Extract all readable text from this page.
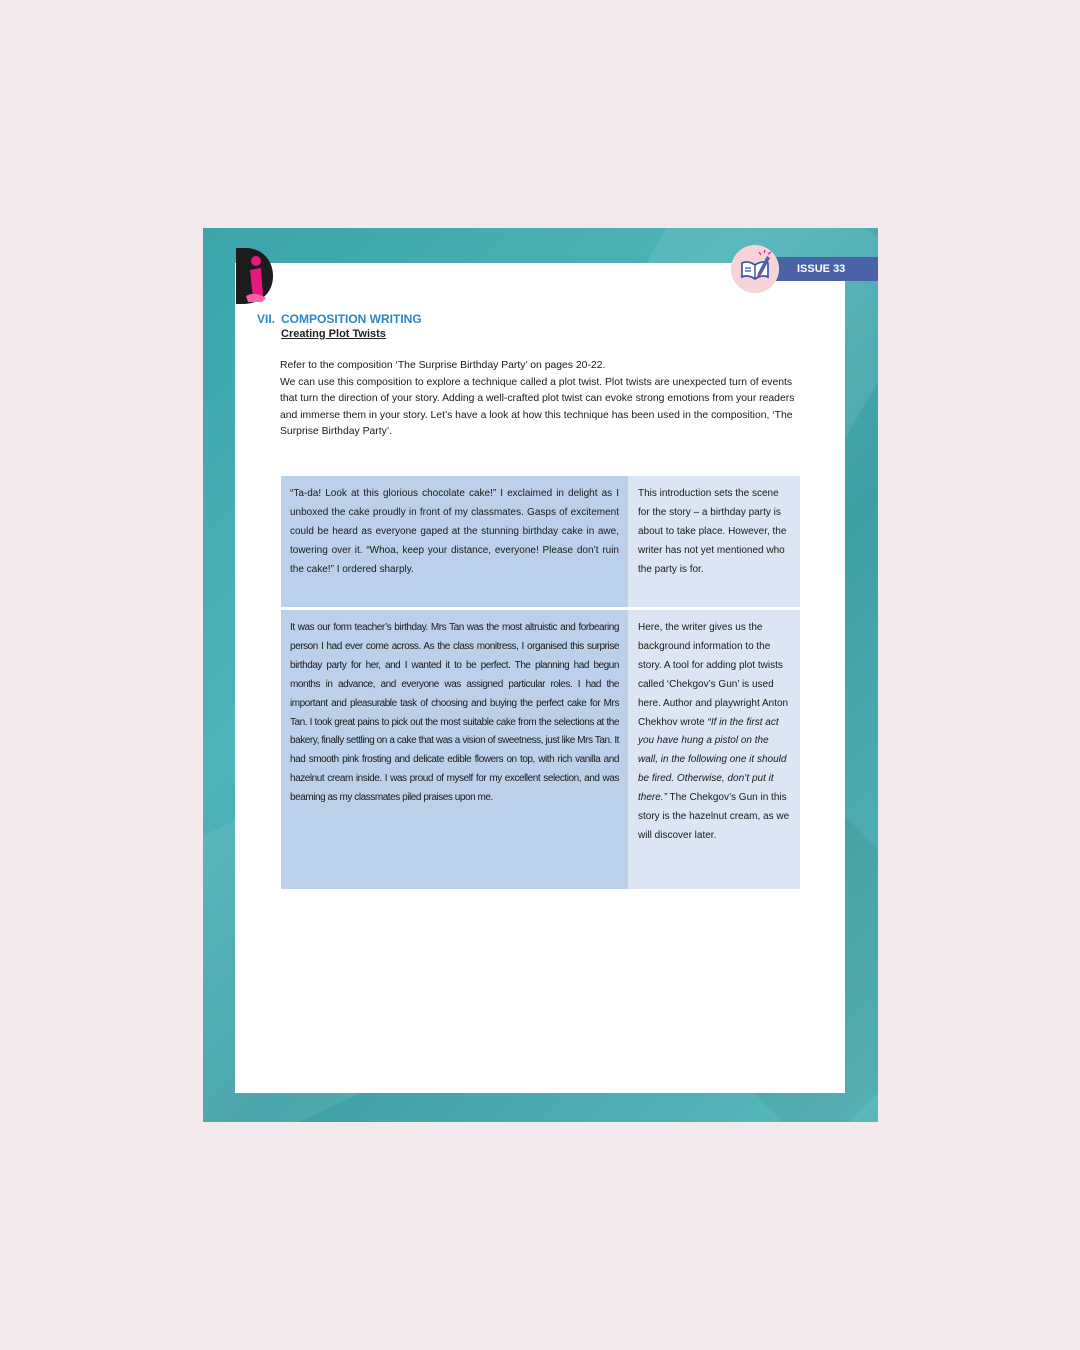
ISSUE 33
VII. COMPOSITION WRITING
Creating Plot Twists

Refer to the composition ‘The Surprise Birthday Party’ on pages 20-22.

We can use this composition to explore a technique called a plot twist. Plot twists are unexpected turn of events that turn the direction of your story. Adding a well-crafted plot twist can evoke strong emotions from your readers and immerse them in your story. Let’s have a look at how this technique has been used in the composition, ‘The Surprise Birthday Party’.

“Ta-da! Look at this glorious chocolate cake!” I exclaimed in delight as I unboxed the cake proudly in front of my classmates. Gasps of excitement could be heard as everyone gaped at the stunning birthday cake in awe, towering over it. “Whoa, keep your distance, everyone! Please don’t ruin the cake!” I ordered sharply.
This introduction sets the scene for the story – a birthday party is about to take place. However, the writer has not yet mentioned who the party is for.
It was our form teacher’s birthday. Mrs Tan was the most altruistic and forbearing person I had ever come across. As the class monitress, I organised this surprise birthday party for her, and I wanted it to be perfect. The planning had begun months in advance, and everyone was assigned particular roles. I had the important and pleasurable task of choosing and buying the perfect cake for Mrs Tan. I took great pains to pick out the most suitable cake from the selections at the bakery, finally settling on a cake that was a vision of sweetness, just like Mrs Tan. It had smooth pink frosting and delicate edible flowers on top, with rich vanilla and hazelnut cream inside. I was proud of myself for my excellent selection, and was beaming as my classmates piled praises upon me.
Here, the writer gives us the background information to the story. A tool for adding plot twists called ‘Chekgov’s Gun’ is used here. Author and playwright Anton Chekhov wrote “If in the first act you have hung a pistol on the wall, in the following one it should be fired. Otherwise, don’t put it there.” The Chekgov’s Gun in this story is the hazelnut cream, as we will discover later.
